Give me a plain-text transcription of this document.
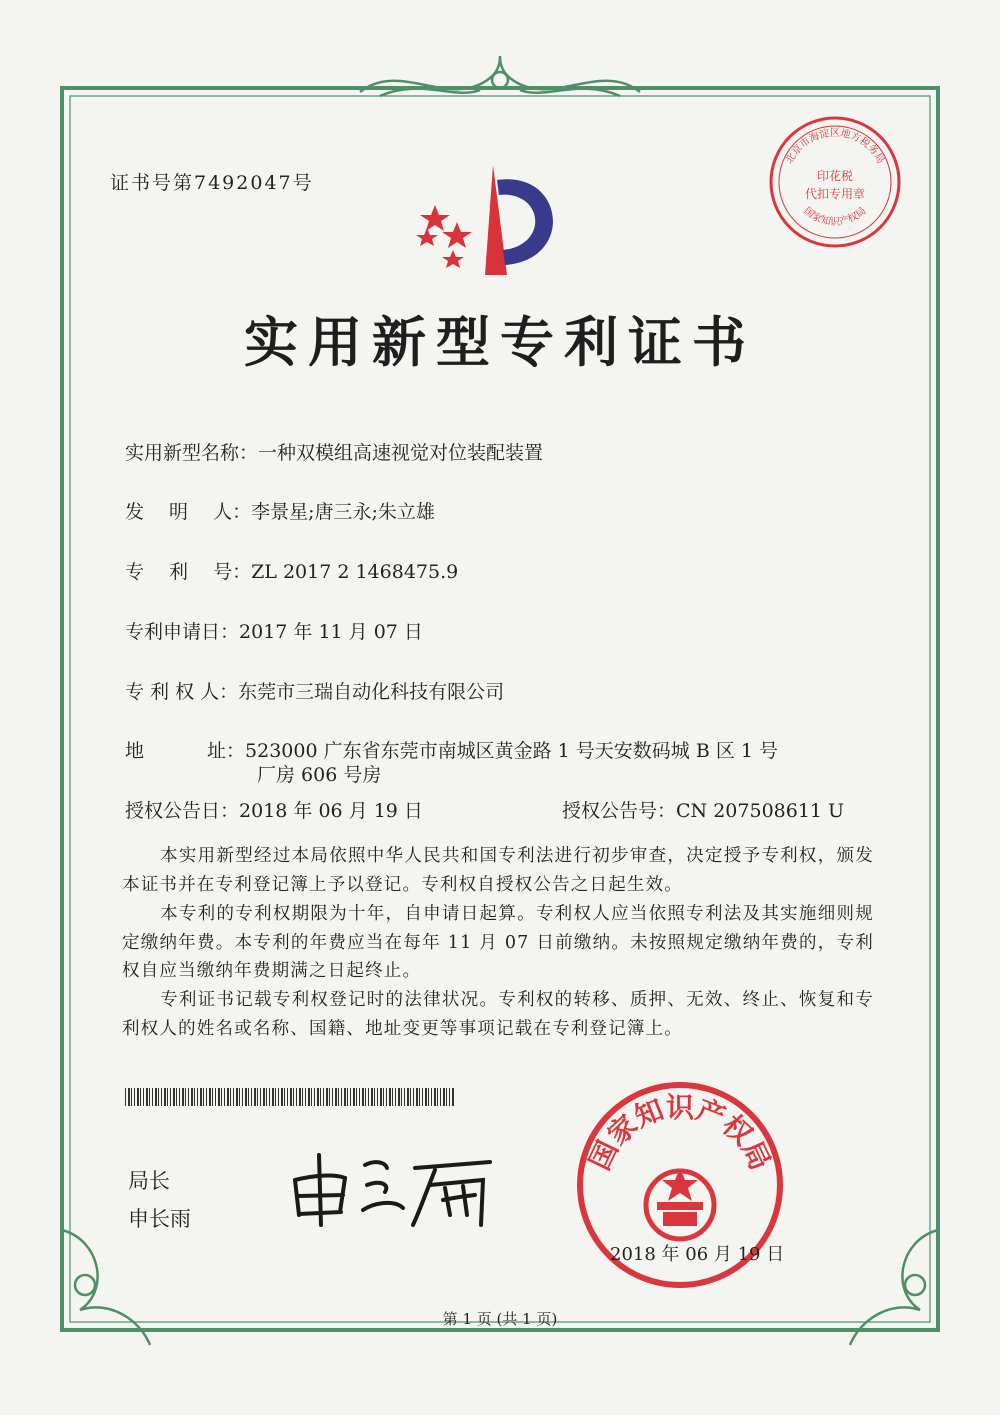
北京市海淀区地方税务局
国家知识产权局
印花税
代扣专用章
证书号第7492047号
实用新型专利证书
实用新型名称：一种双模组高速视觉对位装配装置
发　 明　 人：李景星;唐三永;朱立雄
专　 利　 号：ZL 2017 2 1468475.9
专利申请日：2017 年 11 月 07 日
专 利 权 人：东莞市三瑞自动化科技有限公司
地　　　 址：523000 广东省东莞市南城区黄金路 1 号天安数码城 B 区 1 号
厂房 606 号房
授权公告日：2018 年 06 月 19 日	授权公告号：CN 207508611 U
本实用新型经过本局依照中华人民共和国专利法进行初步审查，决定授予专利权，颁发本证书并在专利登记簿上予以登记。专利权自授权公告之日起生效。
本专利的专利权期限为十年，自申请日起算。专利权人应当依照专利法及其实施细则规定缴纳年费。本专利的年费应当在每年 11 月 07 日前缴纳。未按照规定缴纳年费的，专利权自应当缴纳年费期满之日起终止。
专利证书记载专利权登记时的法律状况。专利权的转移、质押、无效、终止、恢复和专利权人的姓名或名称、国籍、地址变更等事项记载在专利登记簿上。
局长
申长雨
国家知识产权局
2018 年 06 月 19 日
第 1 页 (共 1 页)
